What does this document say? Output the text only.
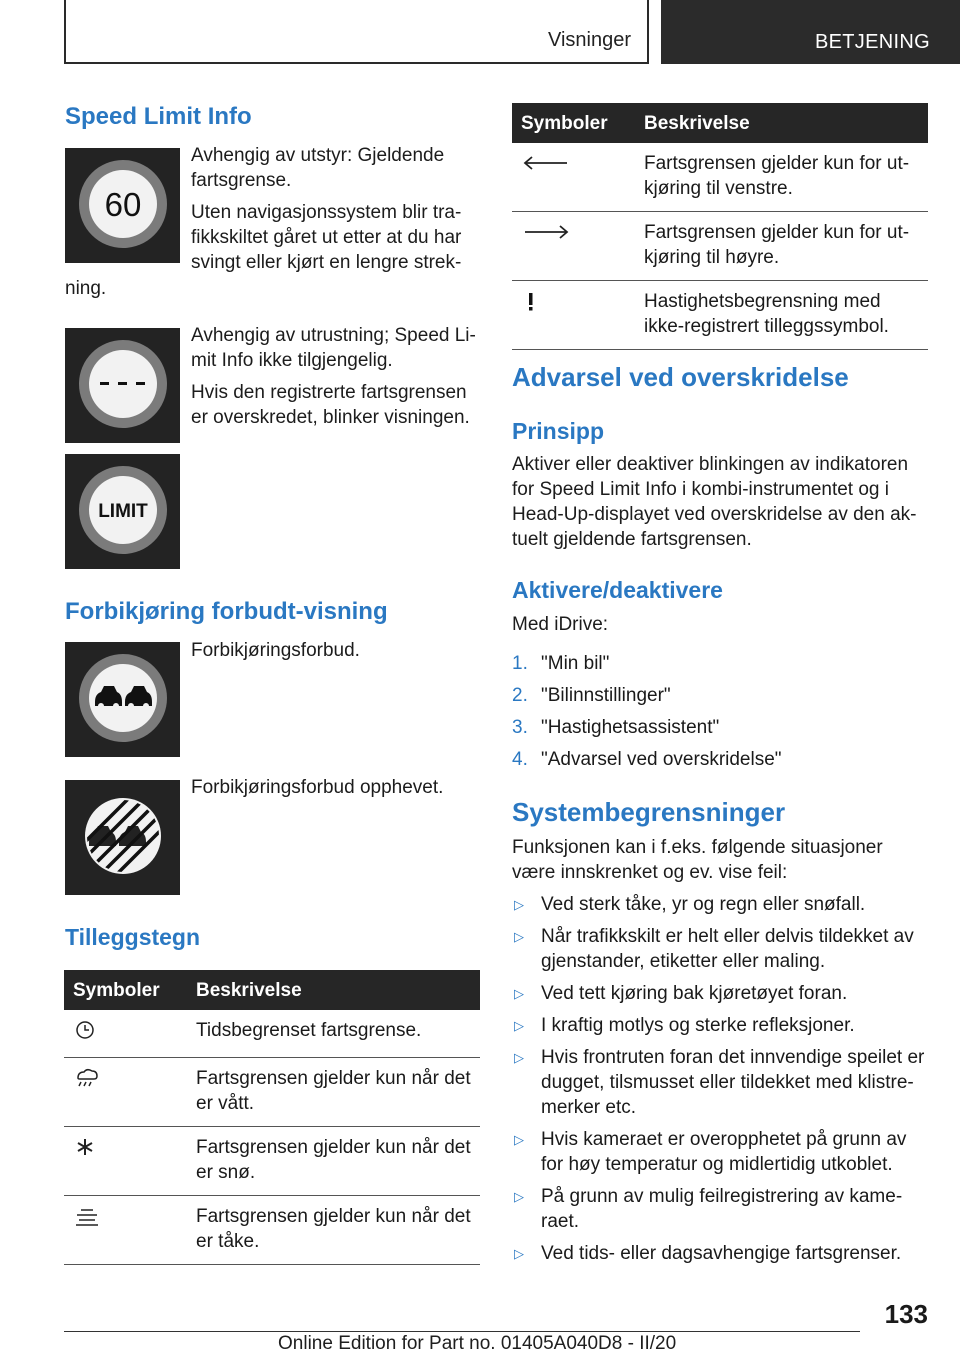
Visninger	BETJENING
Speed Limit Info
60
Avhengig av utstyr: Gjeldende fartsgrense.
Uten navigasjonssystem blir tra‐
fikkskiltet gåret ut etter at du har
svingt eller kjørt en lengre strek‐
ning.
Avhengig av utrustning; Speed Li‐
mit Info ikke tilgjengelig.
Hvis den registrerte fartsgrensen
er overskredet, blinker visningen.
LIMIT
Forbikjøring forbudt-visning
Forbikjøringsforbud.
Forbikjøringsforbud opphevet.
Tilleggstegn
Symboler	Beskrivelse

Tidsbegrenset fartsgrense.

Fartsgrensen gjelder kun når det
er vått.

Fartsgrensen gjelder kun når det
er snø.

Fartsgrensen gjelder kun når det
er tåke.
Symboler	Beskrivelse

Fartsgrensen gjelder kun for ut‐
kjøring til venstre.

Fartsgrensen gjelder kun for ut‐
kjøring til høyre.

Hastighetsbegrensning med
ikke-registrert tilleggssymbol.
Advarsel ved overskridelse
Prinsipp
Aktiver eller deaktiver blinkingen av indikatoren
for Speed Limit Info i kombi-instrumentet og i
Head-Up-displayet ved overskridelse av den ak‐
tuelt gjeldende fartsgrensen.
Aktivere/deaktivere
Med iDrive:
1. "Min bil"
2. "Bilinnstillinger"
3. "Hastighetsassistent"
4. "Advarsel ved overskridelse"
Systembegrensninger
Funksjonen kan i f.eks. følgende situasjoner
være innskrenket og ev. vise feil:
▷ Ved sterk tåke, yr og regn eller snøfall.
▷ Når trafikkskilt er helt eller delvis tildekket av
gjenstander, etiketter eller maling.
▷ Ved tett kjøring bak kjøretøyet foran.
▷ I kraftig motlys og sterke refleksjoner.
▷ Hvis frontruten foran det innvendige speilet er
dugget, tilsmusset eller tildekket med klistre‐
merker etc.
▷ Hvis kameraet er overopphetet på grunn av
for høy temperatur og midlertidig utkoblet.
▷ På grunn av mulig feilregistrering av kame‐
raet.
▷ Ved tids- eller dagsavhengige fartsgrenser.
133
Online Edition for Part no. 01405A040D8 - II/20
